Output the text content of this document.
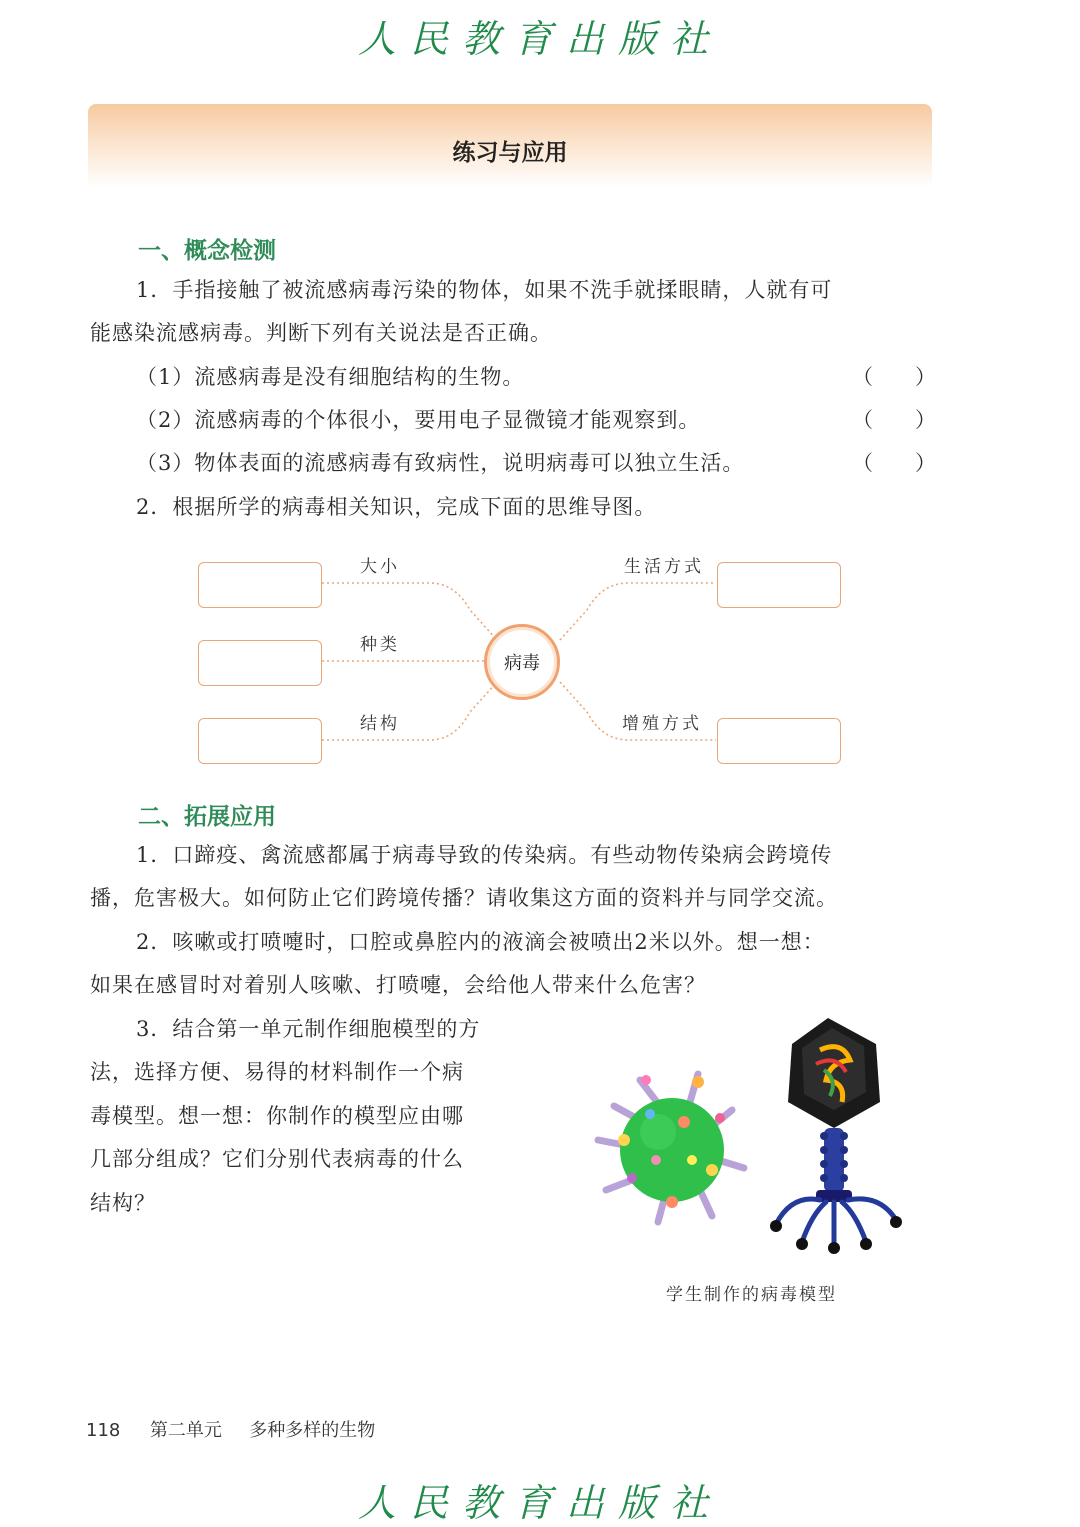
人民教育出版社
练习与应用
一、概念检测
1．手指接触了被流感病毒污染的物体，如果不洗手就揉眼睛，人就有可
能感染流感病毒。判断下列有关说法是否正确。
（1）流感病毒是没有细胞结构的生物。	（　　）
（2）流感病毒的个体很小，要用电子显微镜才能观察到。	（　　）
（3）物体表面的流感病毒有致病性，说明病毒可以独立生活。	（　　）
2．根据所学的病毒相关知识，完成下面的思维导图。
大小
种类
结构
生活方式
增殖方式
病毒
二、拓展应用
1．口蹄疫、禽流感都属于病毒导致的传染病。有些动物传染病会跨境传
播，危害极大。如何防止它们跨境传播？请收集这方面的资料并与同学交流。
2．咳嗽或打喷嚏时，口腔或鼻腔内的液滴会被喷出2米以外。想一想：
如果在感冒时对着别人咳嗽、打喷嚏，会给他人带来什么危害？
3．结合第一单元制作细胞模型的方
法，选择方便、易得的材料制作一个病
毒模型。想一想：你制作的模型应由哪
几部分组成？它们分别代表病毒的什么
结构？
学生制作的病毒模型
118 第二单元 多种多样的生物
人民教育出版社
